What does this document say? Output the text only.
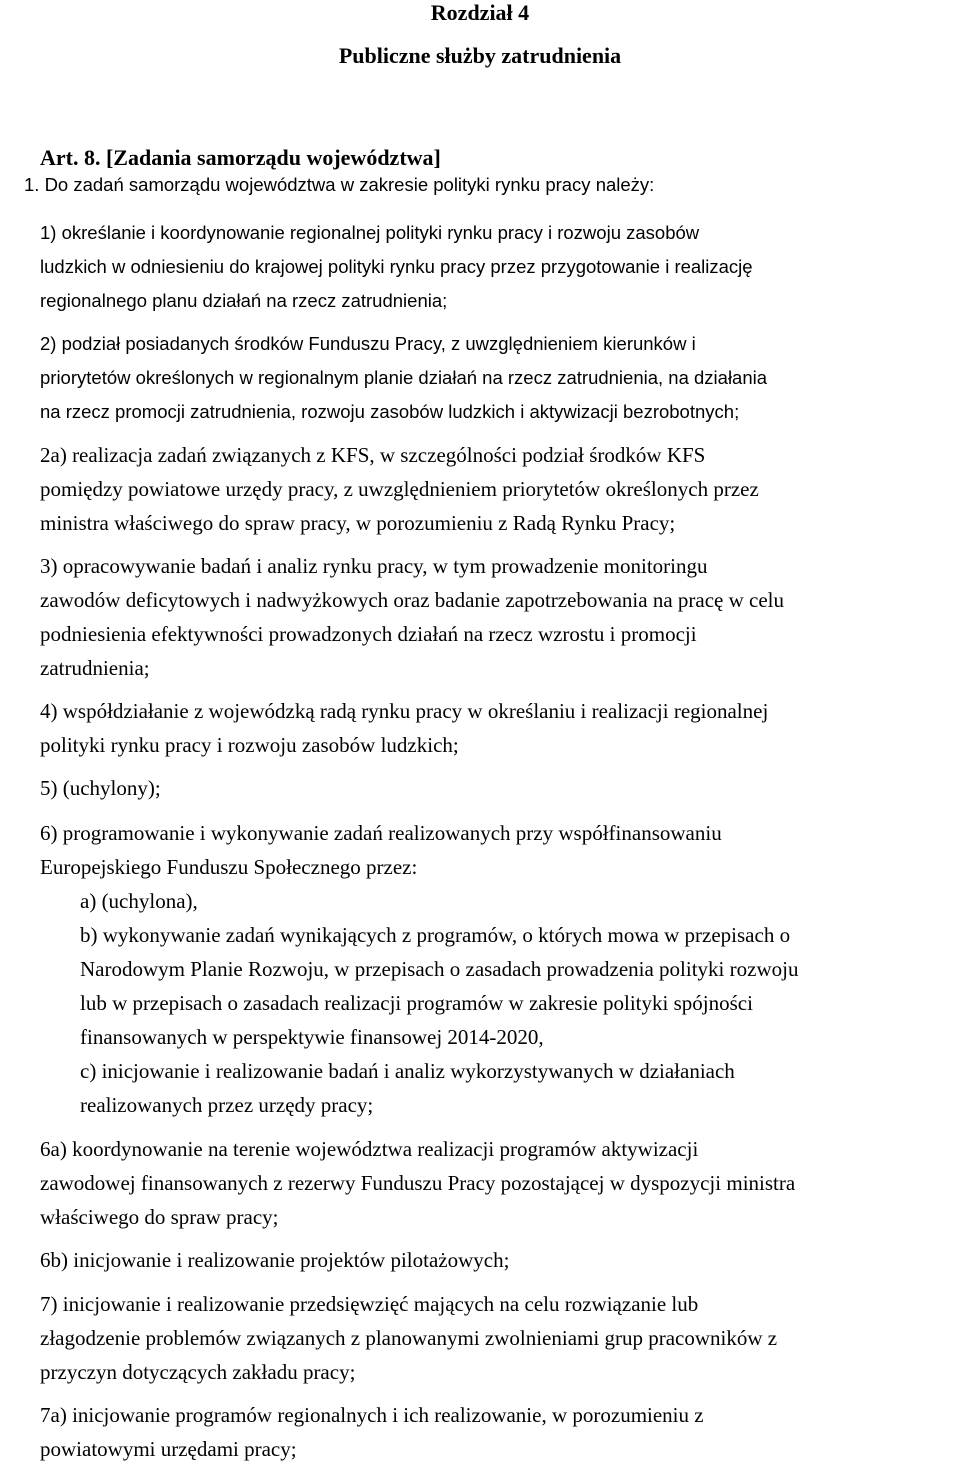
Rozdział 4
Publiczne służby zatrudnienia
Art. 8. [Zadania samorządu województwa]
1. Do zadań samorządu województwa w zakresie polityki rynku pracy należy:
1) określanie i koordynowanie regionalnej polityki rynku pracy i rozwoju zasobów
ludzkich w odniesieniu do krajowej polityki rynku pracy przez przygotowanie i realizację
regionalnego planu działań na rzecz zatrudnienia;
2) podział posiadanych środków Funduszu Pracy, z uwzględnieniem kierunków i
priorytetów określonych w regionalnym planie działań na rzecz zatrudnienia, na działania
na rzecz promocji zatrudnienia, rozwoju zasobów ludzkich i aktywizacji bezrobotnych;
2a) realizacja zadań związanych z KFS, w szczególności podział środków KFS
pomiędzy powiatowe urzędy pracy, z uwzględnieniem priorytetów określonych przez
ministra właściwego do spraw pracy, w porozumieniu z Radą Rynku Pracy;
3) opracowywanie badań i analiz rynku pracy, w tym prowadzenie monitoringu
zawodów deficytowych i nadwyżkowych oraz badanie zapotrzebowania na pracę w celu
podniesienia efektywności prowadzonych działań na rzecz wzrostu i promocji
zatrudnienia;
4) współdziałanie z wojewódzką radą rynku pracy w określaniu i realizacji regionalnej
polityki rynku pracy i rozwoju zasobów ludzkich;
5) (uchylony);
6) programowanie i wykonywanie zadań realizowanych przy współfinansowaniu
Europejskiego Funduszu Społecznego przez:
a) (uchylona),
b) wykonywanie zadań wynikających z programów, o których mowa w przepisach o
Narodowym Planie Rozwoju, w przepisach o zasadach prowadzenia polityki rozwoju
lub w przepisach o zasadach realizacji programów w zakresie polityki spójności
finansowanych w perspektywie finansowej 2014-2020,
c) inicjowanie i realizowanie badań i analiz wykorzystywanych w działaniach
realizowanych przez urzędy pracy;
6a) koordynowanie na terenie województwa realizacji programów aktywizacji
zawodowej finansowanych z rezerwy Funduszu Pracy pozostającej w dyspozycji ministra
właściwego do spraw pracy;
6b) inicjowanie i realizowanie projektów pilotażowych;
7) inicjowanie i realizowanie przedsięwzięć mających na celu rozwiązanie lub
złagodzenie problemów związanych z planowanymi zwolnieniami grup pracowników z
przyczyn dotyczących zakładu pracy;
7a) inicjowanie programów regionalnych i ich realizowanie, w porozumieniu z
powiatowymi urzędami pracy;
